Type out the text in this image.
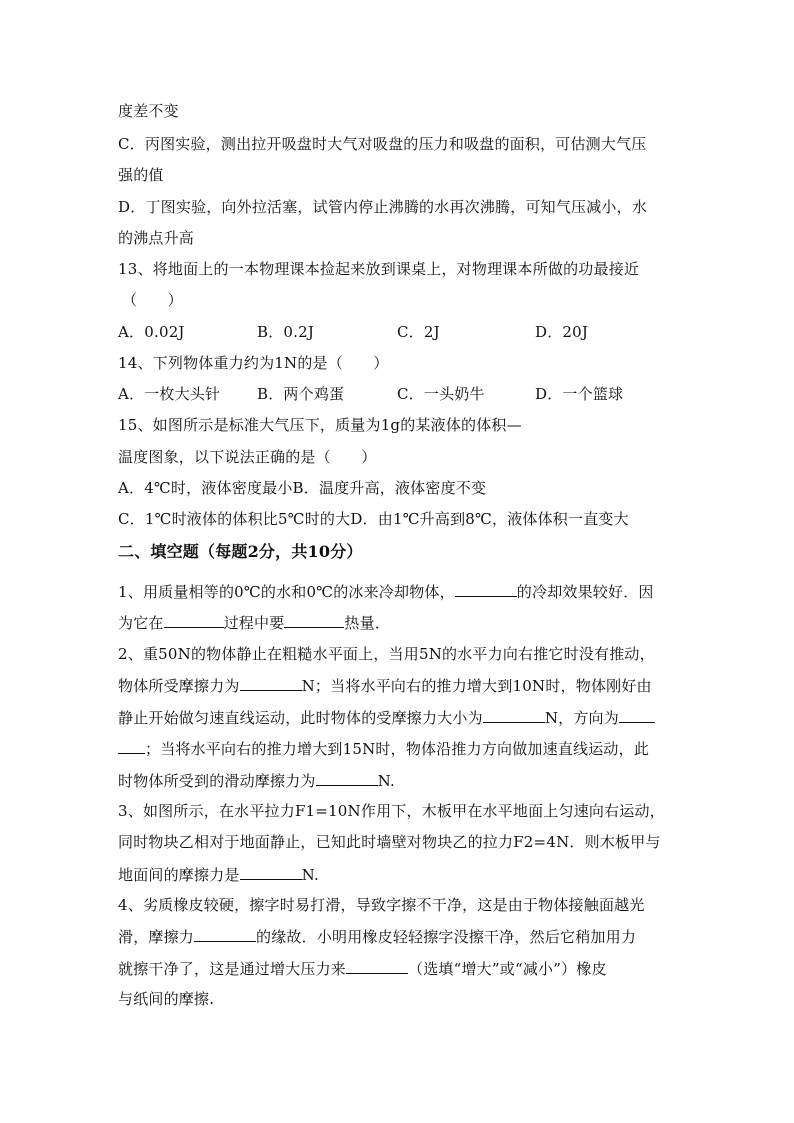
度差不变
C．丙图实验，测出拉开吸盘时大气对吸盘的压力和吸盘的面积，可估测大气压
强的值
D．丁图实验，向外拉活塞，试管内停止沸腾的水再次沸腾，可知气压减小，水
的沸点升高
13、将地面上的一本物理课本捡起来放到课桌上，对物理课本所做的功最接近
（　　）
A．0.02J	B．0.2J	C．2J	D．20J
14、下列物体重力约为1N的是（　　）
A．一枚大头针 B．两个鸡蛋	C．一头奶牛	D．一个篮球
15、如图所示是标准大气压下，质量为1g的某液体的体积—
温度图象，以下说法正确的是（　　）
A．4℃时，液体密度最小B．温度升高，液体密度不变
C．1℃时液体的体积比5℃时的大D．由1℃升高到8℃，液体体积一直变大
二、填空题（每题2分，共10分）
1、用质量相等的0℃的水和0℃的冰来冷却物体，	的冷却效果较好．因
为它在	过程中要	热量．
2、重50N的物体静止在粗糙水平面上，当用5N的水平力向右推它时没有推动，
物体所受摩擦力为	N；当将水平向右的推力增大到10N时，物体刚好由
静止开始做匀速直线运动，此时物体的受摩擦力大小为	N，方向为
；当将水平向右的推力增大到15N时，物体沿推力方向做加速直线运动，此
时物体所受到的滑动摩擦力为	N.
3、如图所示，在水平拉力F1=10N作用下，木板甲在水平地面上匀速向右运动，
同时物块乙相对于地面静止，已知此时墙壁对物块乙的拉力F2=4N．则木板甲与
地面间的摩擦力是	N.
4、劣质橡皮较硬，擦字时易打滑，导致字擦不干净，这是由于物体接触面越光
滑，摩擦力	的缘故．小明用橡皮轻轻擦字没擦干净，然后它稍加用力
就擦干净了，这是通过增大压力来	（选填“增大”或“减小”）橡皮
与纸间的摩擦.
